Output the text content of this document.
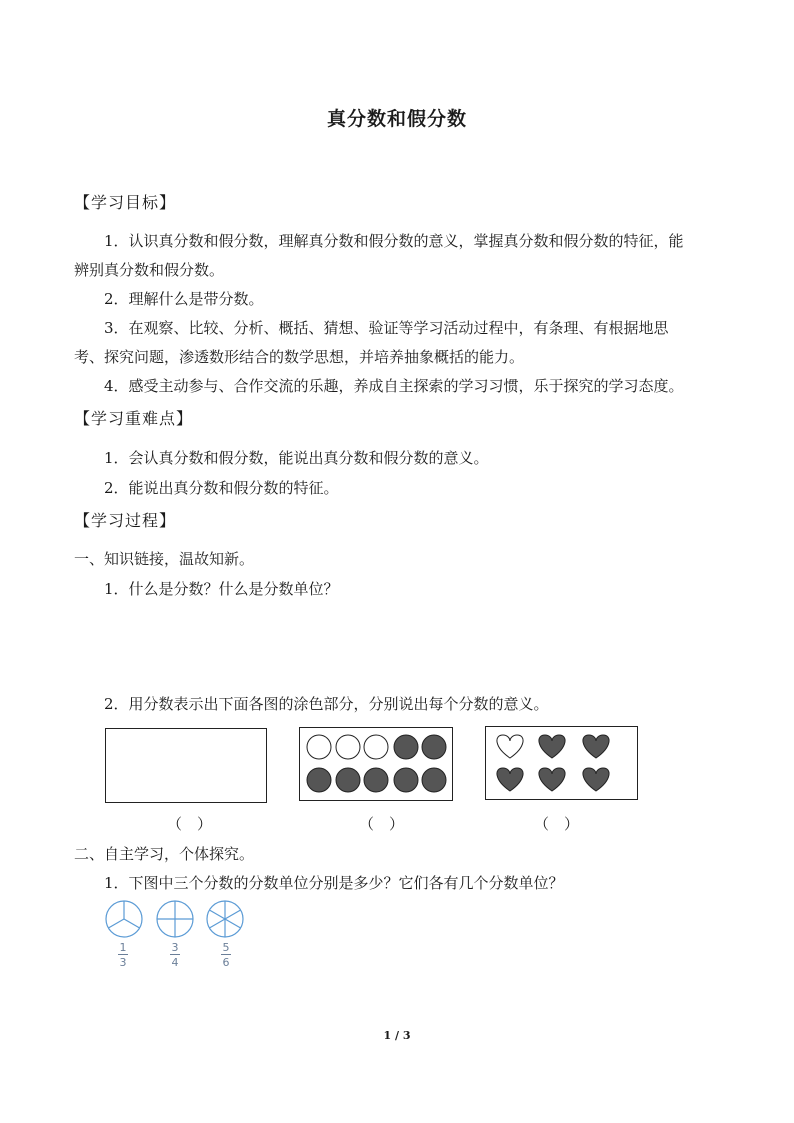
真分数和假分数
【学习目标】
1．认识真分数和假分数，理解真分数和假分数的意义，掌握真分数和假分数的特征，能
辨别真分数和假分数。
2．理解什么是带分数。
3．在观察、比较、分析、概括、猜想、验证等学习活动过程中，有条理、有根据地思
考、探究问题，渗透数形结合的数学思想，并培养抽象概括的能力。
4．感受主动参与、合作交流的乐趣，养成自主探索的学习习惯，乐于探究的学习态度。
【学习重难点】
1．会认真分数和假分数，能说出真分数和假分数的意义。
2．能说出真分数和假分数的特征。
【学习过程】
一、知识链接，温故知新。
1．什么是分数？什么是分数单位？
2．用分数表示出下面各图的涂色部分，分别说出每个分数的意义。
（　）	（　）	（　）
二、自主学习，个体探究。
1．下图中三个分数的分数单位分别是多少？它们各有几个分数单位？
1
3
3
4
5
6
1 / 3
